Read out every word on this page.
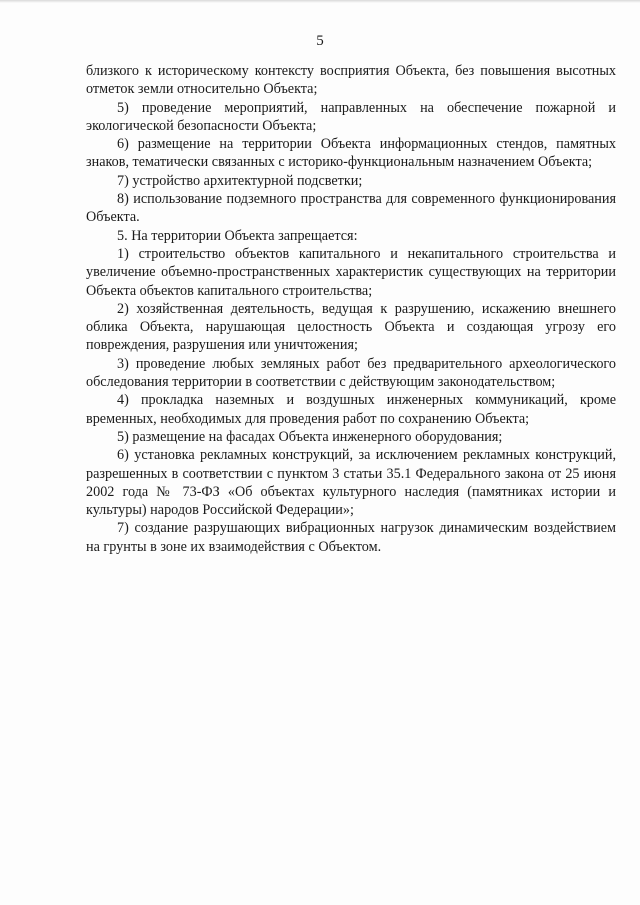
5

близкого к историческому контексту восприятия Объекта, без повышения высотных отметок земли относительно Объекта;

5) проведение мероприятий, направленных на обеспечение пожарной и экологической безопасности Объекта;

6) размещение на территории Объекта информационных стендов, памятных знаков, тематически связанных с историко-функциональным назначением Объекта;

7) устройство архитектурной подсветки;

8) использование подземного пространства для современного функционирования Объекта.

5. На территории Объекта запрещается:

1) строительство объектов капитального и некапитального строительства и увеличение объемно-пространственных характеристик существующих на территории Объекта объектов капитального строительства;

2) хозяйственная деятельность, ведущая к разрушению, искажению внешнего облика Объекта, нарушающая целостность Объекта и создающая угрозу его повреждения, разрушения или уничтожения;

3) проведение любых земляных работ без предварительного археологического обследования территории в соответствии с действующим законодательством;

4) прокладка наземных и воздушных инженерных коммуникаций, кроме временных, необходимых для проведения работ по сохранению Объекта;

5) размещение на фасадах Объекта инженерного оборудования;

6) установка рекламных конструкций, за исключением рекламных конструкций, разрешенных в соответствии с пунктом 3 статьи 35.1 Федерального закона от 25 июня 2002 года № 73-ФЗ «Об объектах культурного наследия (памятниках истории и культуры) народов Российской Федерации»;

7) создание разрушающих вибрационных нагрузок динамическим воздействием на грунты в зоне их взаимодействия с Объектом.
